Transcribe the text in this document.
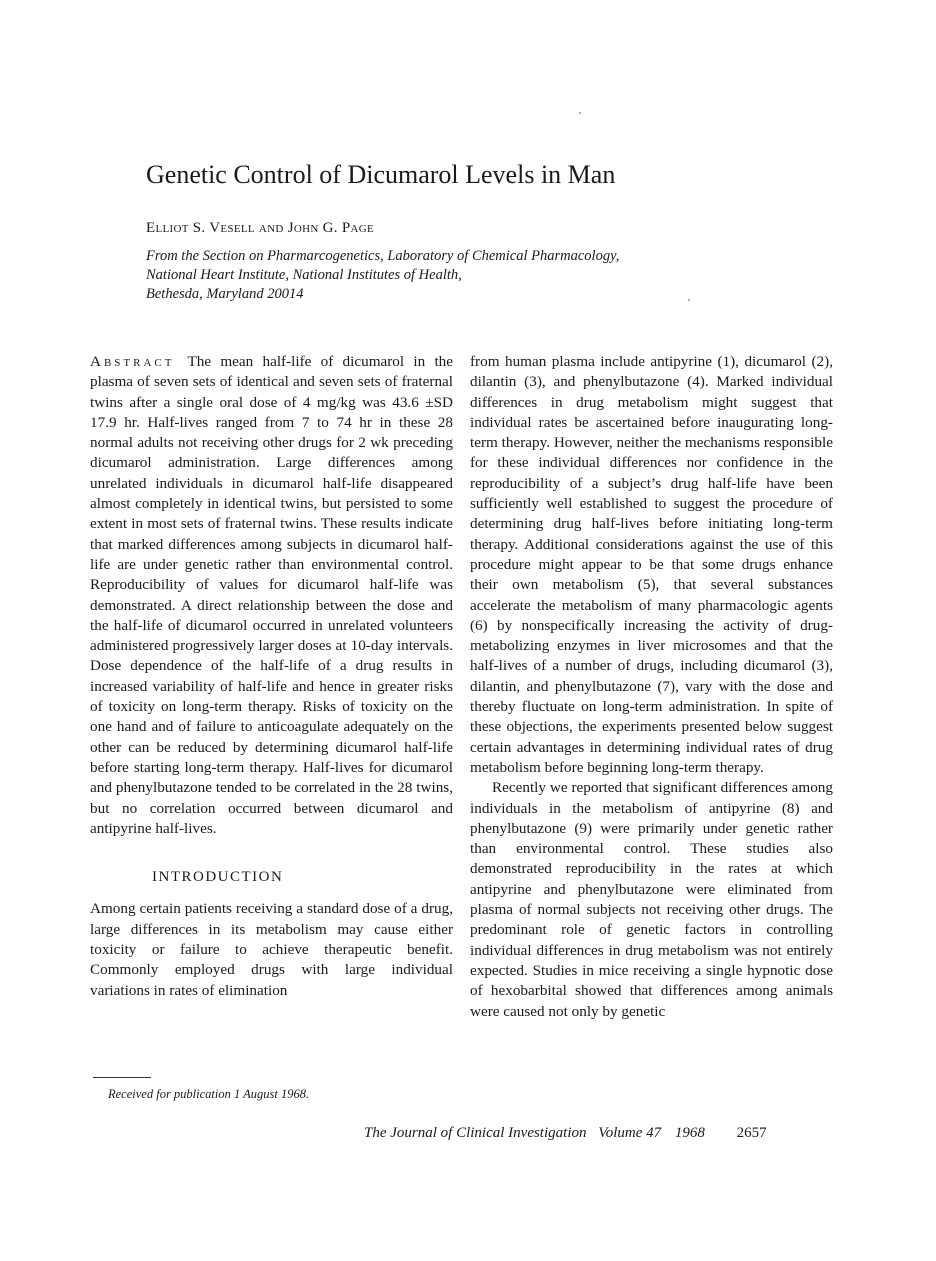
Genetic Control of Dicumarol Levels in Man
Elliot S. Vesell and John G. Page
From the Section on Pharmarcogenetics, Laboratory of Chemical Pharmacology,
National Heart Institute, National Institutes of Health,
Bethesda, Maryland 20014

Abstract The mean half-life of dicumarol in the plasma of seven sets of identical and seven sets of fraternal twins after a single oral dose of 4 mg/kg was 43.6 ±SD 17.9 hr. Half-lives ranged from 7 to 74 hr in these 28 normal adults not receiving other drugs for 2 wk preceding dicumarol administration. Large differences among unrelated individuals in dicumarol half-life disappeared almost completely in identical twins, but persisted to some extent in most sets of fraternal twins. These results indicate that marked differences among subjects in dicumarol half-life are under genetic rather than environmental control. Reproducibility of values for dicumarol half-life was demonstrated. A direct relationship between the dose and the half-life of dicumarol occurred in unrelated volunteers administered progressively larger doses at 10-day intervals. Dose dependence of the half-life of a drug results in increased variability of half-life and hence in greater risks of toxicity on long-term therapy. Risks of toxicity on the one hand and of failure to anticoagulate adequately on the other can be reduced by determining dicumarol half-life before starting long-term therapy. Half-lives for dicumarol and phenylbutazone tended to be correlated in the 28 twins, but no correlation occurred between dicumarol and antipyrine half-lives.

INTRODUCTION

Among certain patients receiving a standard dose of a drug, large differences in its metabolism may cause either toxicity or failure to achieve therapeutic benefit. Commonly employed drugs with large individual variations in rates of elimination

from human plasma include antipyrine (1), dicumarol (2), dilantin (3), and phenylbutazone (4). Marked individual differences in drug metabolism might suggest that individual rates be ascertained before inaugurating long-term therapy. However, neither the mechanisms responsible for these individual differences nor confidence in the reproducibility of a subject’s drug half-life have been sufficiently well established to suggest the procedure of determining drug half-lives before initiating long-term therapy. Additional considerations against the use of this procedure might appear to be that some drugs enhance their own metabolism (5), that several substances accelerate the metabolism of many pharmacologic agents (6) by nonspecifically increasing the activity of drug-metabolizing enzymes in liver microsomes and that the half-lives of a number of drugs, including dicumarol (3), dilantin, and phenylbutazone (7), vary with the dose and thereby fluctuate on long-term administration. In spite of these objections, the experiments presented below suggest certain advantages in determining individual rates of drug metabolism before beginning long-term therapy.

Recently we reported that significant differences among individuals in the metabolism of antipyrine (8) and phenylbutazone (9) were primarily under genetic rather than environmental control. These studies also demonstrated reproducibility in the rates at which antipyrine and phenylbutazone were eliminated from plasma of normal subjects not receiving other drugs. The predominant role of genetic factors in controlling individual differences in drug metabolism was not entirely expected. Studies in mice receiving a single hypnotic dose of hexobarbital showed that differences among animals were caused not only by genetic

Received for publication 1 August 1968.
The Journal of Clinical Investigation Volume 47 1968 2657
